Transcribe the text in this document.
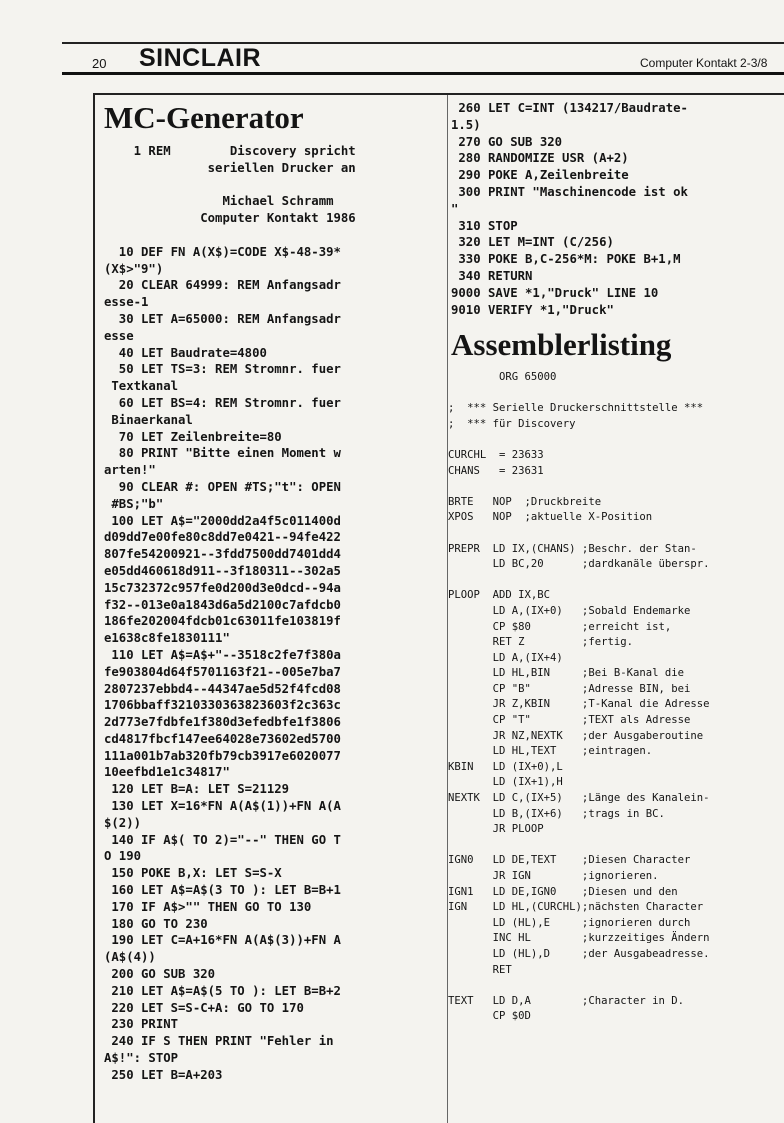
20 SINCLAIR	Computer Kontakt 2-3/8
MC-Generator
1 REM        Discovery spricht
seriellen Drucker an

Michael Schramm
Computer Kontakt 1986

10 DEF FN A(X$)=CODE X$-48-39*
(X$>"9")
20 CLEAR 64999: REM Anfangsadr
esse-1
30 LET A=65000: REM Anfangsadr
esse
40 LET Baudrate=4800
50 LET TS=3: REM Stromnr. fuer
Textkanal
60 LET BS=4: REM Stromnr. fuer
Binaerkanal
70 LET Zeilenbreite=80
80 PRINT "Bitte einen Moment w
arten!"
90 CLEAR #: OPEN #TS;"t": OPEN
#BS;"b"
100 LET A$="2000dd2a4f5c011400d
d09dd7e00fe80c8dd7e0421--94fe422
807fe54200921--3fdd7500dd7401dd4
e05dd460618d911--3f180311--302a5
15c732372c957fe0d200d3e0dcd--94a
f32--013e0a1843d6a5d2100c7afdcb0
186fe202004fdcb01c63011fe103819f
e1638c8fe1830111"
110 LET A$=A$+"--3518c2fe7f380a
fe903804d64f5701163f21--005e7ba7
2807237ebbd4--44347ae5d52f4fcd08
1706bbaff3210330363823603f2c363c
2d773e7fdbfe1f380d3efedbfe1f3806
cd4817fbcf147ee64028e73602ed5700
111a001b7ab320fb79cb3917e6020077
10eefbd1e1c34817"
120 LET B=A: LET S=21129
130 LET X=16*FN A(A$(1))+FN A(A
$(2))
140 IF A$( TO 2)="--" THEN GO T
O 190
150 POKE B,X: LET S=S-X
160 LET A$=A$(3 TO ): LET B=B+1
170 IF A$>"" THEN GO TO 130
180 GO TO 230
190 LET C=A+16*FN A(A$(3))+FN A
(A$(4))
200 GO SUB 320
210 LET A$=A$(5 TO ): LET B=B+2
220 LET S=S-C+A: GO TO 170
230 PRINT
240 IF S THEN PRINT "Fehler in
A$!": STOP
250 LET B=A+203
260 LET C=INT (134217/Baudrate-
1.5)
270 GO SUB 320
280 RANDOMIZE USR (A+2)
290 POKE A,Zeilenbreite
300 PRINT "Maschinencode ist ok
"
310 STOP
320 LET M=INT (C/256)
330 POKE B,C-256*M: POKE B+1,M
340 RETURN
9000 SAVE *1,"Druck" LINE 10
9010 VERIFY *1,"Druck"
Assemblerlisting
ORG 65000

;  *** Serielle Druckerschnittstelle ***
;  *** für Discovery

CURCHL  = 23633
CHANS   = 23631

BRTE   NOP  ;Druckbreite
XPOS   NOP  ;aktuelle X-Position

PREPR  LD IX,(CHANS) ;Beschr. der Stan-
LD BC,20      ;dardkanäle überspr.

PLOOP  ADD IX,BC
LD A,(IX+0)   ;Sobald Endemarke
CP $80        ;erreicht ist,
RET Z         ;fertig.
LD A,(IX+4)
LD HL,BIN     ;Bei B-Kanal die
CP "B"        ;Adresse BIN, bei
JR Z,KBIN     ;T-Kanal die Adresse
CP "T"        ;TEXT als Adresse
JR NZ,NEXTK   ;der Ausgaberoutine
LD HL,TEXT    ;eintragen.
KBIN   LD (IX+0),L
LD (IX+1),H
NEXTK  LD C,(IX+5)   ;Länge des Kanalein-
LD B,(IX+6)   ;trags in BC.
JR PLOOP

IGN0   LD DE,TEXT    ;Diesen Character
JR IGN        ;ignorieren.
IGN1   LD DE,IGN0    ;Diesen und den
IGN    LD HL,(CURCHL);nächsten Character
LD (HL),E     ;ignorieren durch
INC HL        ;kurzzeitiges Ändern
LD (HL),D     ;der Ausgabeadresse.
RET

TEXT   LD D,A        ;Character in D.
CP $0D
